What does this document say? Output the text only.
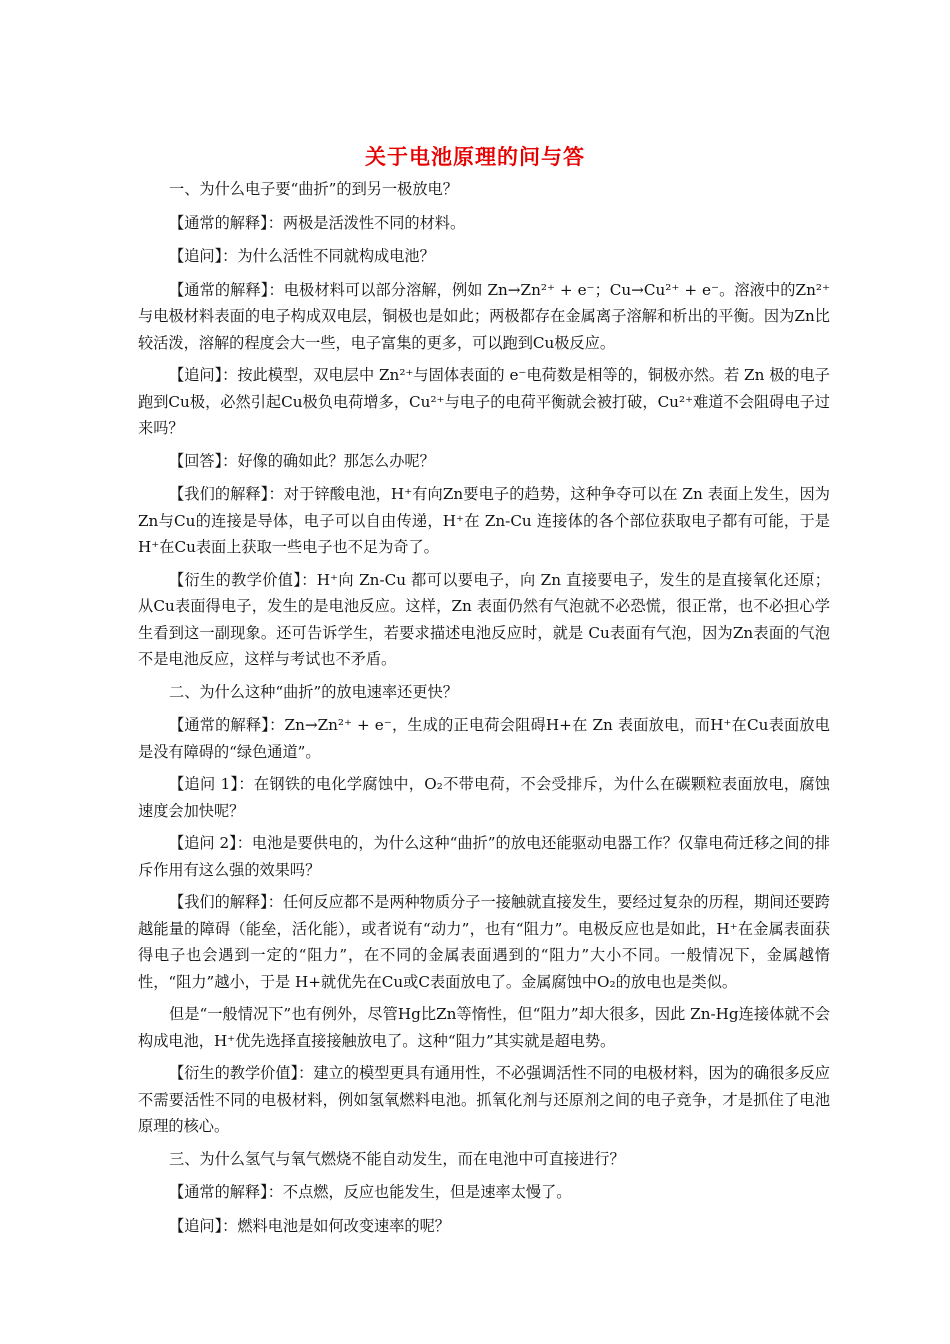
关于电池原理的问与答

一、为什么电子要“曲折”的到另一极放电？

【通常的解释】：两极是活泼性不同的材料。

【追问】：为什么活性不同就构成电池？

【通常的解释】：电极材料可以部分溶解，例如 Zn→Zn²⁺ + e⁻；Cu→Cu²⁺ + e⁻。溶液中的Zn²⁺与电极材料表面的电子构成双电层，铜极也是如此；两极都存在金属离子溶解和析出的平衡。因为Zn比较活泼，溶解的程度会大一些，电子富集的更多，可以跑到Cu极反应。

【追问】：按此模型，双电层中 Zn²⁺与固体表面的 e⁻电荷数是相等的，铜极亦然。若 Zn 极的电子跑到Cu极，必然引起Cu极负电荷增多，Cu²⁺与电子的电荷平衡就会被打破，Cu²⁺难道不会阻碍电子过来吗？

【回答】：好像的确如此？那怎么办呢？

【我们的解释】：对于锌酸电池，H⁺有向Zn要电子的趋势，这种争夺可以在 Zn 表面上发生，因为Zn与Cu的连接是导体，电子可以自由传递，H⁺在 Zn-Cu 连接体的各个部位获取电子都有可能，于是H⁺在Cu表面上获取一些电子也不足为奇了。

【衍生的教学价值】：H⁺向 Zn-Cu 都可以要电子，向 Zn 直接要电子，发生的是直接氧化还原；从Cu表面得电子，发生的是电池反应。这样，Zn 表面仍然有气泡就不必恐慌，很正常，也不必担心学生看到这一副现象。还可告诉学生，若要求描述电池反应时，就是 Cu表面有气泡，因为Zn表面的气泡不是电池反应，这样与考试也不矛盾。

二、为什么这种“曲折”的放电速率还更快？

【通常的解释】：Zn→Zn²⁺ + e⁻，生成的正电荷会阻碍H+在 Zn 表面放电，而H⁺在Cu表面放电是没有障碍的“绿色通道”。

【追问 1】：在钢铁的电化学腐蚀中，O₂不带电荷，不会受排斥，为什么在碳颗粒表面放电，腐蚀速度会加快呢？

【追问 2】：电池是要供电的，为什么这种“曲折”的放电还能驱动电器工作？仅靠电荷迁移之间的排斥作用有这么强的效果吗？

【我们的解释】：任何反应都不是两种物质分子一接触就直接发生，要经过复杂的历程，期间还要跨越能量的障碍（能垒，活化能），或者说有“动力”，也有“阻力”。电极反应也是如此，H⁺在金属表面获得电子也会遇到一定的“阻力”，在不同的金属表面遇到的“阻力”大小不同。一般情况下，金属越惰性，“阻力”越小，于是 H+就优先在Cu或C表面放电了。金属腐蚀中O₂的放电也是类似。

但是“一般情况下”也有例外，尽管Hg比Zn等惰性，但“阻力”却大很多，因此 Zn-Hg连接体就不会构成电池，H⁺优先选择直接接触放电了。这种“阻力”其实就是超电势。

【衍生的教学价值】：建立的模型更具有通用性，不必强调活性不同的电极材料，因为的确很多反应不需要活性不同的电极材料，例如氢氧燃料电池。抓氧化剂与还原剂之间的电子竞争，才是抓住了电池原理的核心。

三、为什么氢气与氧气燃烧不能自动发生，而在电池中可直接进行？

【通常的解释】：不点燃，反应也能发生，但是速率太慢了。

【追问】：燃料电池是如何改变速率的呢？
